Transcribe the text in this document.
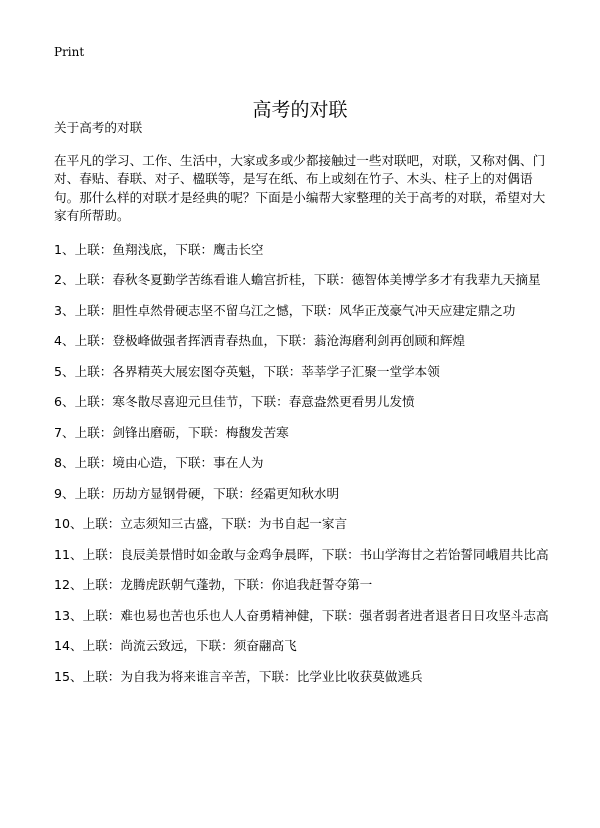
Print
高考的对联

关于高考的对联

在平凡的学习、工作、生活中，大家或多或少都接触过一些对联吧，对联，又称对偶、门对、春贴、春联、对子、楹联等，是写在纸、布上或刻在竹子、木头、柱子上的对偶语句。那什么样的对联才是经典的呢？下面是小编帮大家整理的关于高考的对联，希望对大家有所帮助。

1、上联：鱼翔浅底，下联：鹰击长空

2、上联：春秋冬夏勤学苦练看谁人蟾宫折桂，下联：德智体美博学多才有我辈九天摘星

3、上联：胆性卓然骨硬志坚不留乌江之憾，下联：风华正茂豪气冲天应建定鼎之功

4、上联：登极峰做强者挥洒青春热血，下联：蓊沧海磨利剑再创顾和辉煌

5、上联：各界精英大展宏图夺英魁，下联：莘莘学子汇聚一堂学本领

6、上联：寒冬散尽喜迎元旦佳节，下联：春意盎然更看男儿发愤

7、上联：剑锋出磨砺，下联：梅馥发苦寒

8、上联：境由心造，下联：事在人为

9、上联：历劫方显钢骨硬，下联：经霜更知秋水明

10、上联：立志须知三古盛，下联：为书自起一家言

11、上联：良辰美景惜时如金敢与金鸡争晨晖，下联：书山学海甘之若饴誓同峨眉共比高

12、上联：龙腾虎跃朝气蓬勃，下联：你追我赶誓夺第一

13、上联：难也易也苦也乐也人人奋勇精神健，下联：强者弱者进者退者日日攻坚斗志高

14、上联：尚流云致远，下联：须奋翮高飞

15、上联：为自我为将来谁言辛苦，下联：比学业比收获莫做逃兵
